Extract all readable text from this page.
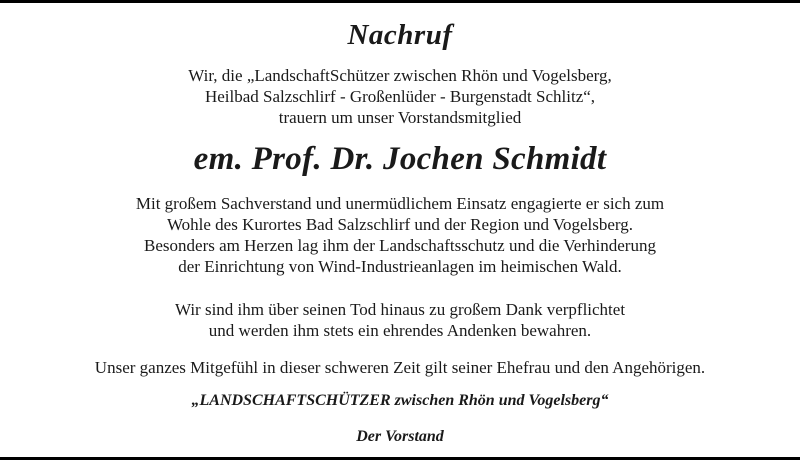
Nachruf
Wir, die „LandschaftSchützer zwischen Rhön und Vogelsberg,
Heilbad Salzschlirf - Großenlüder - Burgenstadt Schlitz“,
trauern um unser Vorstandsmitglied
em. Prof. Dr. Jochen Schmidt
Mit großem Sachverstand und unermüdlichem Einsatz engagierte er sich zum
Wohle des Kurortes Bad Salzschlirf und der Region und Vogelsberg.
Besonders am Herzen lag ihm der Landschaftsschutz und die Verhinderung
der Einrichtung von Wind-Industrieanlagen im heimischen Wald.
Wir sind ihm über seinen Tod hinaus zu großem Dank verpflichtet
und werden ihm stets ein ehrendes Andenken bewahren.
Unser ganzes Mitgefühl in dieser schweren Zeit gilt seiner Ehefrau und den Angehörigen.
„LANDSCHAFTSCHÜTZER zwischen Rhön und Vogelsberg“
Der Vorstand
